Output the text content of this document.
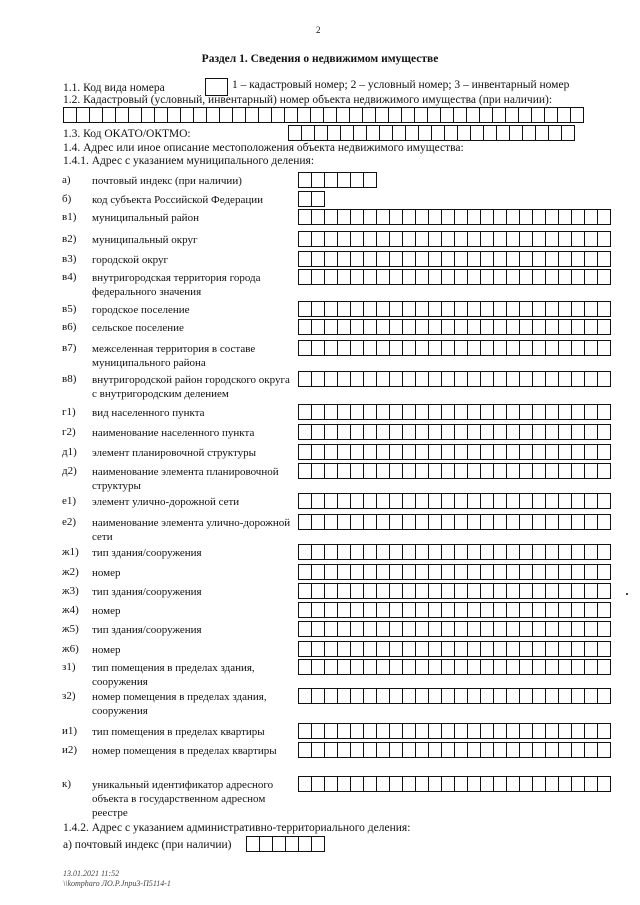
2
Раздел 1. Сведения о недвижимом имуществе
1.1. Код вида номера	1 – кадастровый номер; 2 – условный номер; 3 – инвентарный номер
1.2. Кадастровый (условный, инвентарный) номер объекта недвижимого имущества (при наличии):
1.3. Код ОКАТО/ОКТМО:
1.4. Адрес или иное описание местоположения объекта недвижимого имущества:
1.4.1. Адрес с указанием муниципального деления:
а) почтовый индекс (при наличии)
б) код субъекта Российской Федерации
в1) муниципальный район
в2) муниципальный округ
в3) городской округ
в4) внутригородская территория города федерального значения
в5) городское поселение
в6) сельское поселение
в7) межселенная территория в составе муниципального района
в8) внутригородской район городского округа с внутригородским делением
г1) вид населенного пункта
г2) наименование населенного пункта
д1) элемент планировочной структуры
д2) наименование элемента планировочной структуры
е1) элемент улично-дорожной сети
е2) наименование элемента улично-дорожной сети
ж1) тип здания/сооружения
ж2) номер
ж3) тип здания/сооружения
ж4) номер
ж5) тип здания/сооружения
ж6) номер
з1) тип помещения в пределах здания, сооружения
з2) номер помещения в пределах здания, сооружения
и1) тип помещения в пределах квартиры
и2) номер помещения в пределах квартиры
к) уникальный идентификатор адресного объекта в государственном адресном реестре
1.4.2. Адрес с указанием административно-территориального деления:
а) почтовый индекс (при наличии)
13.01.2021 11:52
\\kompharo ЛО.Р.Jnpu3-П5114-1
